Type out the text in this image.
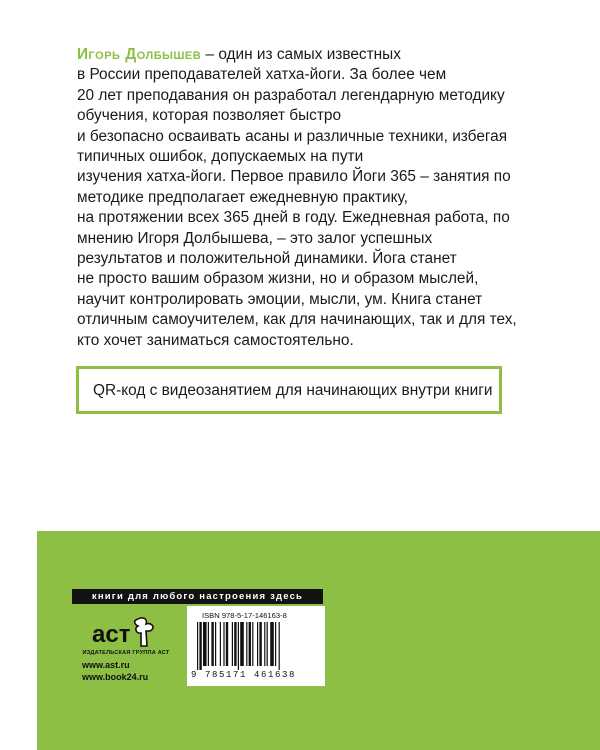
Игорь Долбышев – один из самых известных
в России преподавателей хатха-йоги. За более чем
20 лет преподавания он разработал легендарную методику
обучения, которая позволяет быстро
и безопасно осваивать асаны и различные техники, избегая
типичных ошибок, допускаемых на пути
изучения хатха-йоги. Первое правило Йоги 365 – занятия по
методике предполагает ежедневную практику,
на протяжении всех 365 дней в году. Ежедневная работа, по
мнению Игоря Долбышева, – это залог успешных
результатов и положительной динамики. Йога станет
не просто вашим образом жизни, но и образом мыслей,
научит контролировать эмоции, мысли, ум. Книга станет
отличным самоучителем, как для начинающих, так и для тех,
кто хочет заниматься самостоятельно.

QR-код с видеозанятием для начинающих внутри книги
книги для любого настроения здесь
аст
ИЗДАТЕЛЬСКАЯ ГРУППА АСТ
www.ast.ru
www.book24.ru
ISBN 978-5-17-146163-8
9 785171 461638
